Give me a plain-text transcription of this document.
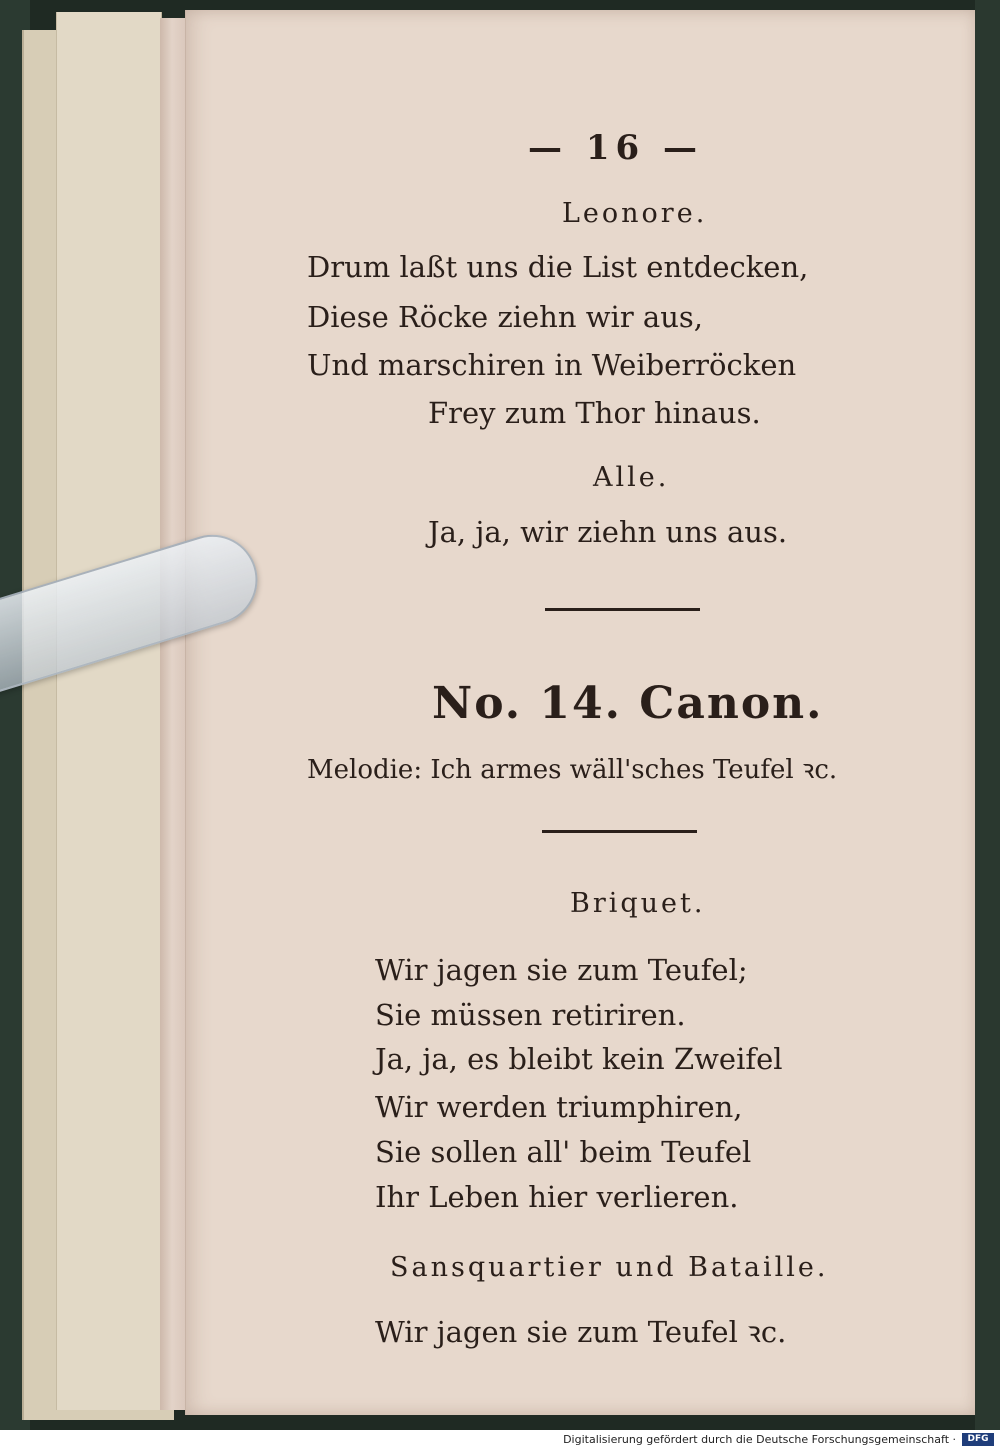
— 16 —
Leonore.
Drum laßt uns die List entdecken,
Diese Röcke ziehn wir aus,
Und marschiren in Weiberröcken
Frey zum Thor hinaus.
Alle.
Ja, ja, wir ziehn uns aus.
No. 14. Canon.
Melodie: Ich armes wäll'sches Teufel ꝛc.
Briquet.
Wir jagen sie zum Teufel;
Sie müssen retiriren.
Ja, ja, es bleibt kein Zweifel
Wir werden triumphiren,
Sie sollen all' beim Teufel
Ihr Leben hier verlieren.
Sansquartier und Bataille.
Wir jagen sie zum Teufel ꝛc.
Digitalisierung gefördert durch die Deutsche Forschungsgemeinschaft ·	DFG
